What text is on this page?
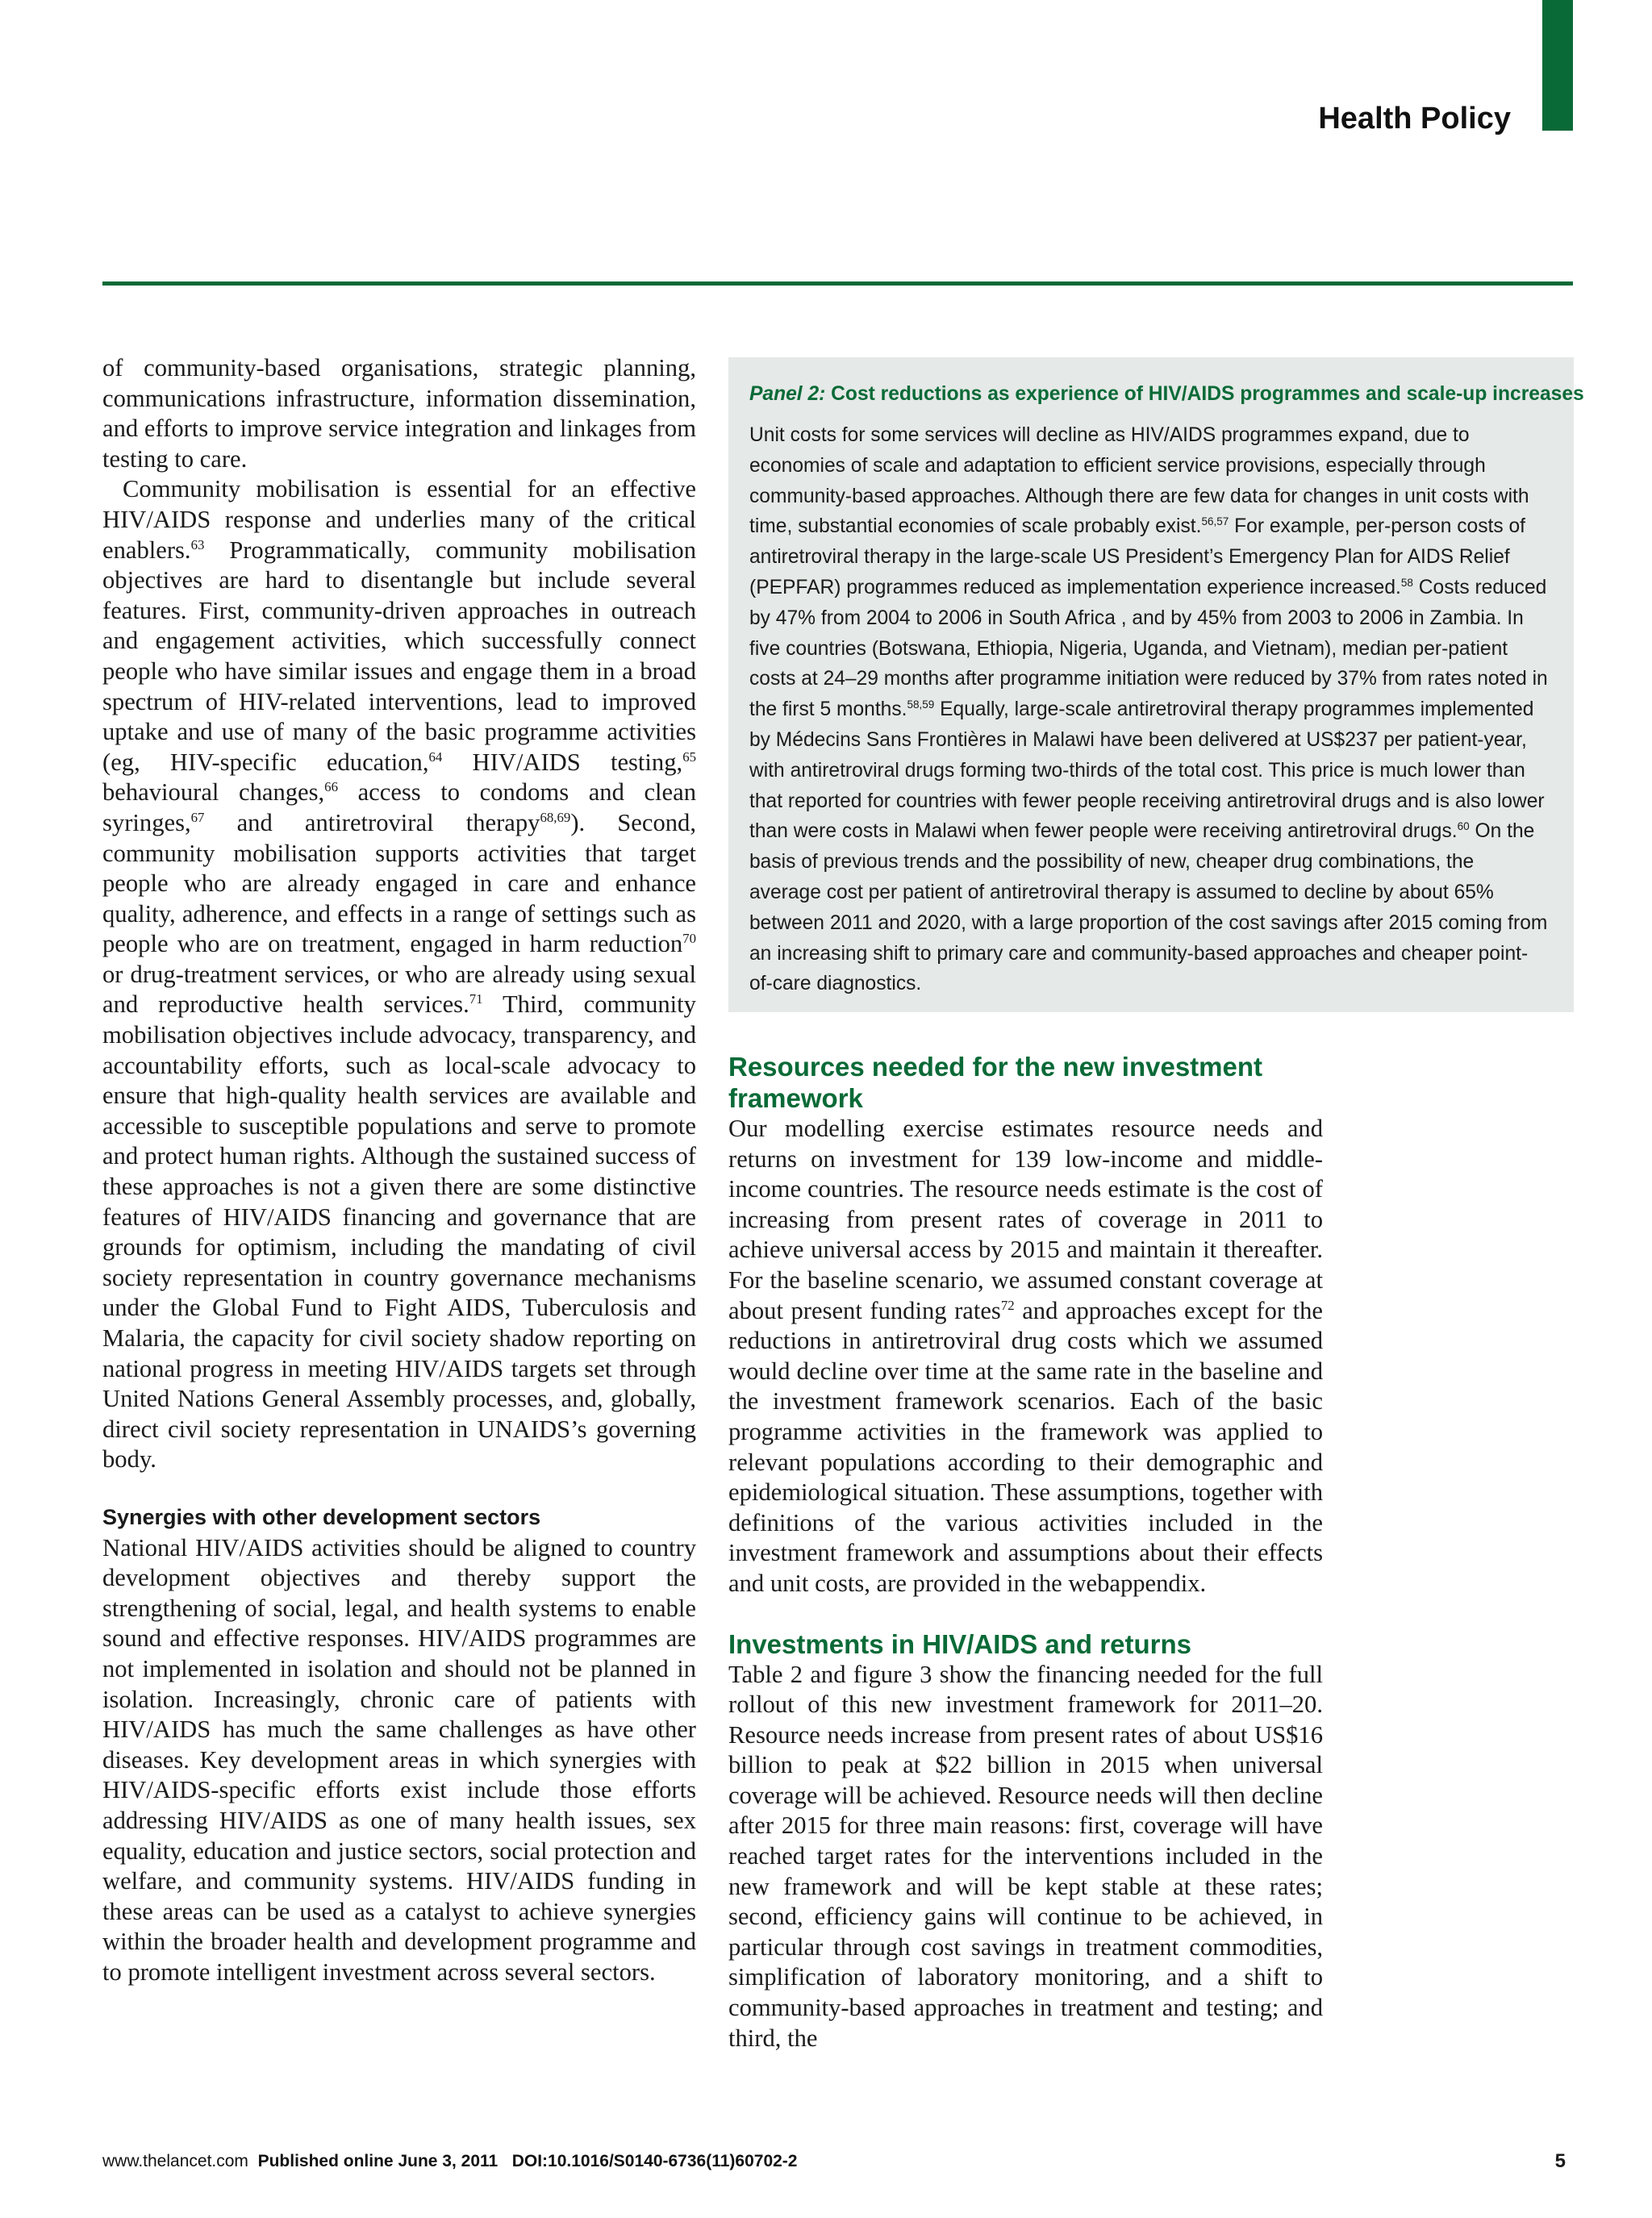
Health Policy

of community-based organisations, strategic planning, communications infrastructure, information dissemination, and efforts to improve service integration and linkages from testing to care.

Community mobilisation is essential for an effective HIV/AIDS response and underlies many of the critical enablers.$^{63}$ Programmatically, community mobilisation objectives are hard to disentangle but include several features. First, community-driven approaches in outreach and engagement activities, which successfully connect people who have similar issues and engage them in a broad spectrum of HIV-related interventions, lead to improved uptake and use of many of the basic programme activities (eg, HIV-specific education,$^{64}$ HIV/AIDS testing,$^{65}$ behavioural changes,$^{66}$ access to condoms and clean syringes,$^{67}$ and antiretroviral therapy$^{68,69}$). Second, community mobilisation supports activities that target people who are already engaged in care and enhance quality, adherence, and effects in a range of settings such as people who are on treatment, engaged in harm reduction$^{70}$ or drug-treatment services, or who are already using sexual and reproductive health services.$^{71}$ Third, community mobilisation objectives include advocacy, transparency, and accountability efforts, such as local-scale advocacy to ensure that high-quality health services are available and accessible to susceptible populations and serve to promote and protect human rights. Although the sustained success of these approaches is not a given there are some distinctive features of HIV/AIDS financing and governance that are grounds for optimism, including the mandating of civil society representation in country governance mechanisms under the Global Fund to Fight AIDS, Tuberculosis and Malaria, the capacity for civil society shadow reporting on national progress in meeting HIV/AIDS targets set through United Nations General Assembly processes, and, globally, direct civil society representation in UNAIDS’s governing body.

Synergies with other development sectors

National HIV/AIDS activities should be aligned to country development objectives and thereby support the strengthening of social, legal, and health systems to enable sound and effective responses. HIV/AIDS programmes are not implemented in isolation and should not be planned in isolation. Increasingly, chronic care of patients with HIV/AIDS has much the same challenges as have other diseases. Key development areas in which synergies with HIV/AIDS-specific efforts exist include those efforts addressing HIV/AIDS as one of many health issues, sex equality, education and justice sectors, social protection and welfare, and community systems. HIV/AIDS funding in these areas can be used as a catalyst to achieve synergies within the broader health and development programme and to promote intelligent investment across several sectors.

Panel 2: Cost reductions as experience of HIV/AIDS programmes and scale-up increases

Unit costs for some services will decline as HIV/AIDS programmes expand, due to economies of scale and adaptation to efficient service provisions, especially through community-based approaches. Although there are few data for changes in unit costs with time, substantial economies of scale probably exist.$^{56,57}$ For example, per-person costs of antiretroviral therapy in the large-scale US President’s Emergency Plan for AIDS Relief (PEPFAR) programmes reduced as implementation experience increased.$^{58}$ Costs reduced by 47% from 2004 to 2006 in South Africa , and by 45% from 2003 to 2006 in Zambia. In five countries (Botswana, Ethiopia, Nigeria, Uganda, and Vietnam), median per-patient costs at 24–29 months after programme initiation were reduced by 37% from rates noted in the first 5 months.$^{58,59}$ Equally, large-scale antiretroviral therapy programmes implemented by Médecins Sans Frontières in Malawi have been delivered at US$237 per patient-year, with antiretroviral drugs forming two-thirds of the total cost. This price is much lower than that reported for countries with fewer people receiving antiretroviral drugs and is also lower than were costs in Malawi when fewer people were receiving antiretroviral drugs.$^{60}$ On the basis of previous trends and the possibility of new, cheaper drug combinations, the average cost per patient of antiretroviral therapy is assumed to decline by about 65% between 2011 and 2020, with a large proportion of the cost savings after 2015 coming from an increasing shift to primary care and community-based approaches and cheaper point-of-care diagnostics.

Resources needed for the new investment framework

Our modelling exercise estimates resource needs and returns on investment for 139 low-income and middle-income countries. The resource needs estimate is the cost of increasing from present rates of coverage in 2011 to achieve universal access by 2015 and maintain it thereafter. For the baseline scenario, we assumed constant coverage at about present funding rates$^{72}$ and approaches except for the reductions in antiretroviral drug costs which we assumed would decline over time at the same rate in the baseline and the investment framework scenarios. Each of the basic programme activities in the framework was applied to relevant populations according to their demographic and epidemiological situation. These assumptions, together with definitions of the various activities included in the investment framework and assumptions about their effects and unit costs, are provided in the webappendix.

Investments in HIV/AIDS and returns

Table 2 and figure 3 show the financing needed for the full rollout of this new investment framework for 2011–20. Resource needs increase from present rates of about US$16 billion to peak at $22 billion in 2015 when universal coverage will be achieved. Resource needs will then decline after 2015 for three main reasons: first, coverage will have reached target rates for the interventions included in the new framework and will be kept stable at these rates; second, efficiency gains will continue to be achieved, in particular through cost savings in treatment commodities, simplification of laboratory monitoring, and a shift to community-based approaches in treatment and testing; and third, the

www.thelancet.com Published online June 3, 2011 DOI:10.1016/S0140-6736(11)60702-2	5
